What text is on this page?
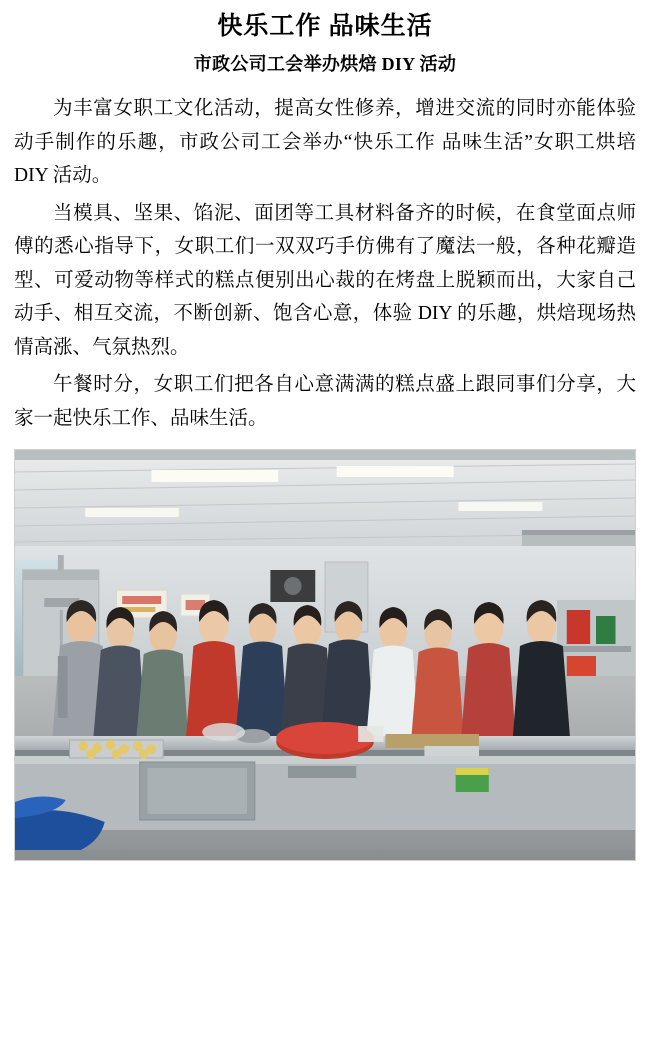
快乐工作 品味生活
市政公司工会举办烘焙 DIY 活动

为丰富女职工文化活动，提高女性修养，增进交流的同时亦能体验动手制作的乐趣，市政公司工会举办“快乐工作 品味生活”女职工烘培 DIY 活动。

当模具、坚果、馅泥、面团等工具材料备齐的时候，在食堂面点师傅的悉心指导下，女职工们一双双巧手仿佛有了魔法一般，各种花瓣造型、可爱动物等样式的糕点便别出心裁的在烤盘上脱颖而出，大家自己动手、相互交流，不断创新、饱含心意，体验 DIY 的乐趣，烘焙现场热情高涨、气氛热烈。

午餐时分，女职工们把各自心意满满的糕点盛上跟同事们分享，大家一起快乐工作、品味生活。
